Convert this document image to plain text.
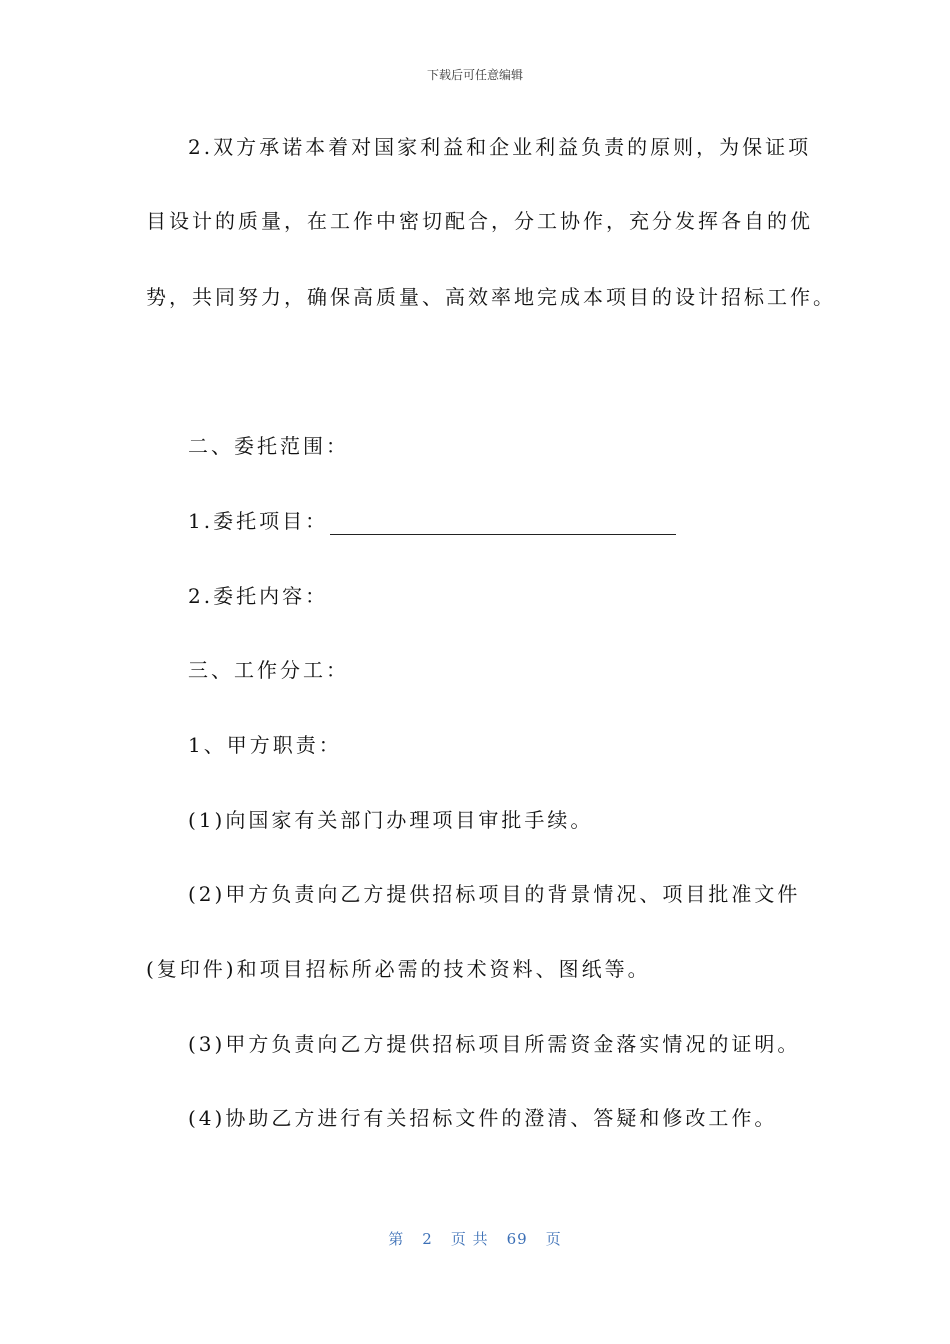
下载后可任意编辑

2.双方承诺本着对国家利益和企业利益负责的原则，为保证项

目设计的质量，在工作中密切配合，分工协作，充分发挥各自的优

势，共同努力，确保高质量、高效率地完成本项目的设计招标工作。

二、委托范围：

1.委托项目：

2.委托内容：

三、工作分工：

1、甲方职责：

(1)向国家有关部门办理项目审批手续。

(2)甲方负责向乙方提供招标项目的背景情况、项目批准文件

(复印件)和项目招标所必需的技术资料、图纸等。

(3)甲方负责向乙方提供招标项目所需资金落实情况的证明。

(4)协助乙方进行有关招标文件的澄清、答疑和修改工作。

第 2 页 共 69 页
